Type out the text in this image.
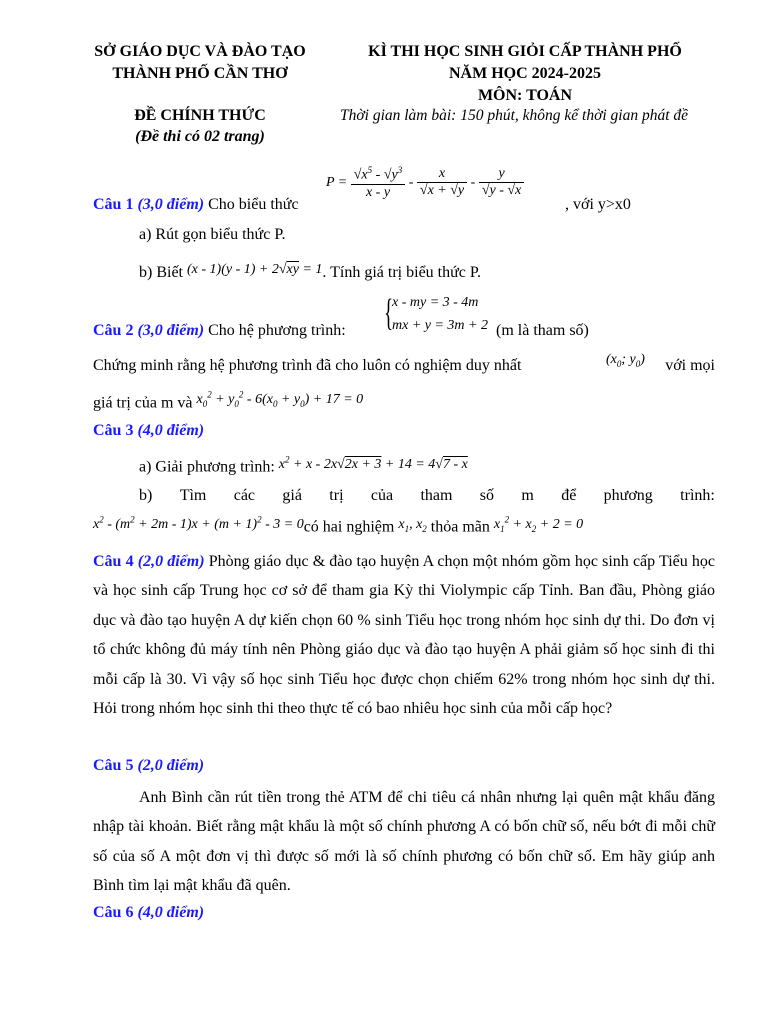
SỞ GIÁO DỤC VÀ ĐÀO TẠO
THÀNH PHỐ CẦN THƠ
KÌ THI HỌC SINH GIỎI CẤP THÀNH PHỐ
NĂM HỌC 2024-2025
MÔN: TOÁN
ĐỀ CHÍNH THỨC
(Đề thi có 02 trang)
Thời gian làm bài: 150 phút, không kể thời gian phát đề
Câu 1 (3,0 điểm) Cho biểu thức
$P = \frac{√x^5 - √y^3}{x - y} - \frac{x}{√x + √y} - \frac{y}{√y - √x}$
, với y>x0
a) Rút gọn biểu thức P.
b) Biết (x - 1)(y - 1) + 2√xy = 1. Tính giá trị biểu thức P.
{
x - my = 3 - 4m
mx + y = 3m + 2
Câu 2 (3,0 điểm) Cho hệ phương trình:	(m là tham số)
Chứng minh rằng hệ phương trình đã cho luôn có nghiệm duy nhất	($x_0$; $y_0$) với mọi
giá trị của m và $x_0^2 + y_0^2 - 6(x_0 + y_0) + 17 = 0$
Câu 3 (4,0 điểm)
a) Giải phương trình: $x^2 + x - 2x√2x + 3 + 14 = 4√7 - x$
b) Tìm các giá trị của tham số m để phương trình:
$x^2 - (m^2 + 2m - 1)x + (m + 1)^2 - 3$ = 0có hai nghiệm $x_1$, $x_2$ thỏa mãn $x_1^2 + x_2 + 2 = 0$
Câu 4 (2,0 điểm) Phòng giáo dục & đào tạo huyện A chọn một nhóm gồm học sinh cấp Tiểu học và học sinh cấp Trung học cơ sở để tham gia Kỳ thi Violympic cấp Tỉnh. Ban đầu, Phòng giáo dục và đào tạo huyện A dự kiến chọn 60 % sinh Tiểu học trong nhóm học sinh dự thi. Do đơn vị tổ chức không đủ máy tính nên Phòng giáo dục và đào tạo huyện A phải giảm số học sinh đi thi mỗi cấp là 30. Vì vậy số học sinh Tiểu học được chọn chiếm 62% trong nhóm học sinh dự thi. Hỏi trong nhóm học sinh thi theo thực tế có bao nhiêu học sinh của mỗi cấp học?
Câu 5 (2,0 điểm)
Anh Bình cần rút tiền trong thẻ ATM để chi tiêu cá nhân nhưng lại quên mật khẩu đăng nhập tài khoản. Biết rằng mật khẩu là một số chính phương A có bốn chữ số, nếu bớt đi mỗi chữ số của số A một đơn vị thì được số mới là số chính phương có bốn chữ số. Em hãy giúp anh Bình tìm lại mật khẩu đã quên.
Câu 6 (4,0 điểm)
